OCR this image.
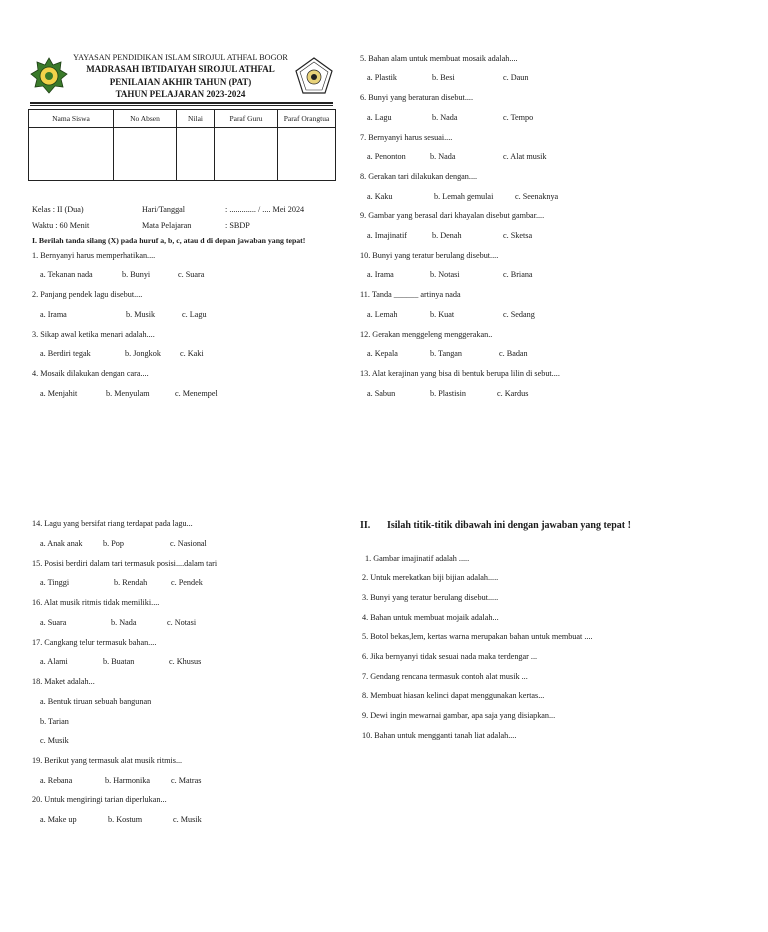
YAYASAN PENDIDIKAN ISLAM SIROJUL ATHFAL BOGOR
MADRASAH IBTIDAIYAH SIROJUL ATHFAL
PENILAIAN AKHIR TAHUN (PAT)
TAHUN PELAJARAN 2023-2024
Nama Siswa	No Absen	Nilai	Paraf Guru	Paraf Orangtua

Kelas : II (Dua)	Hari/Tanggal	: ............. / .... Mei 2024
Waktu : 60 Menit	Mata Pelajaran	: SBDP
I. Berilah tanda silang (X) pada huruf a, b, c, atau d di depan jawaban yang tepat!
1. Bernyanyi harus memperhatikan....
a. Tekanan nada	b. Bunyi	c. Suara
2. Panjang pendek lagu disebut....
a. Irama	b. Musik	c. Lagu
3. Sikap awal ketika menari adalah....
a. Berdiri tegak	b. Jongkok c. Kaki
4. Mosaik dilakukan dengan cara....
a. Menjahit	b. Menyulam	c. Menempel
5. Bahan alam untuk membuat mosaik adalah....
a. Plastik	b. Besi	c. Daun
6. Bunyi yang beraturan disebut....
a. Lagu	b. Nada	c. Tempo
7. Bernyanyi harus sesuai....
a. Penonton	b. Nada	c. Alat musik
8. Gerakan tari dilakukan dengan....
a. Kaku	b. Lemah gemulai	c. Seenaknya
9. Gambar yang berasal dari khayalan disebut gambar....
a. Imajinatif	b. Denah	c. Sketsa
10. Bunyi yang teratur berulang disebut....
a. Irama	b. Notasi	c. Briana
11. Tanda ______ artinya nada
a. Lemah	b. Kuat	c. Sedang
12. Gerakan menggeleng menggerakan..
a. Kepala	b. Tangan	c. Badan
13. Alat kerajinan yang bisa di bentuk berupa lilin di sebut....
a. Sabun	b. Plastisin	c. Kardus
14. Lagu yang bersifat riang terdapat pada lagu...
a. Anak anak b. Pop	c. Nasional
15. Posisi berdiri dalam tari termasuk posisi....dalam tari
a. Tinggi	b. Rendah	c. Pendek
16. Alat musik ritmis tidak memiliki....
a. Suara	b. Nada	c. Notasi
17. Cangkang telur termasuk bahan....
a. Alami	b. Buatan	c. Khusus
18. Maket adalah...
a. Bentuk tiruan sebuah bangunan
b. Tarian
c. Musik
19. Berikut yang termasuk alat musik ritmis...
a. Rebana	b. Harmonika	c. Matras
20. Untuk mengiringi tarian diperlukan...
a. Make up	b. Kostum	c. Musik
II. Isilah titik-titik dibawah ini dengan jawaban yang tepat !
1. Gambar imajinatif adalah .....
2. Untuk merekatkan biji bijian adalah.....
3. Bunyi yang teratur berulang disebut.....
4. Bahan untuk membuat mojaik adalah...
5. Botol bekas,lem, kertas warna merupakan bahan untuk membuat ....
6. Jika bernyanyi tidak sesuai nada maka terdengar ...
7. Gendang rencana termasuk contoh alat musik ...
8. Membuat hiasan kelinci dapat menggunakan kertas...
9. Dewi ingin mewarnai gambar, apa saja yang disiapkan...
10. Bahan untuk mengganti tanah liat adalah....
